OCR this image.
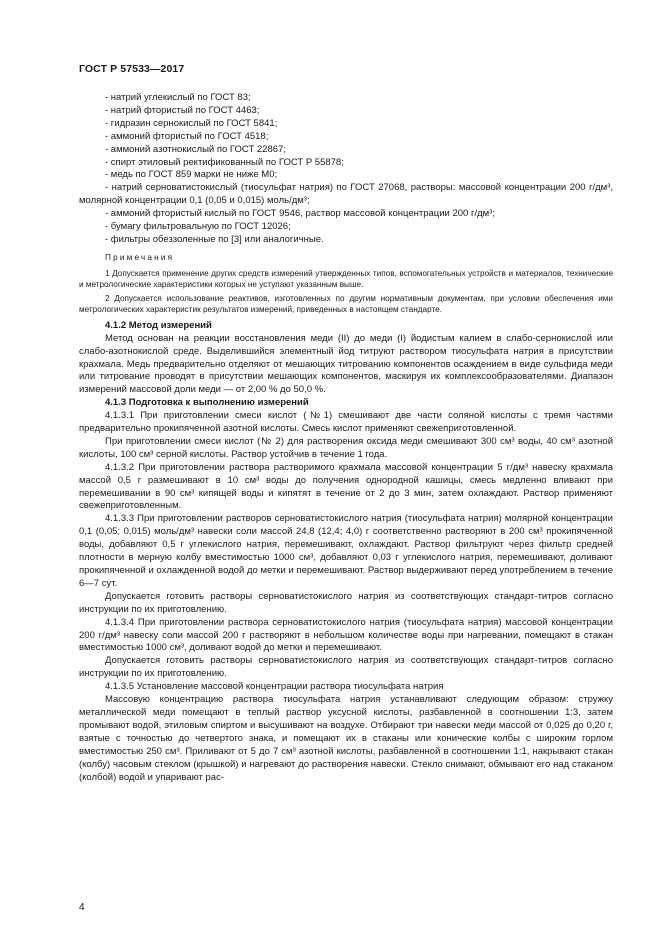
ГОСТ Р 57533—2017

- натрий углекислый по ГОСТ 83;

- натрий фтористый по ГОСТ 4463;

- гидразин сернокислый по ГОСТ 5841;

- аммоний фтористый по ГОСТ 4518;

- аммоний азотнокислый по ГОСТ 22867;

- спирт этиловый ректификованный по ГОСТ Р 55878;

- медь по ГОСТ 859 марки не ниже М0;

- натрий серноватистокислый (тиосульфат натрия) по ГОСТ 27068, растворы: массовой концентрации 200 г/дм³, молярной концентрации 0,1 (0,05 и 0,015) моль/дм³;

- аммоний фтористый кислый по ГОСТ 9546, раствор массовой концентрации 200 г/дм³;

- бумагу фильтровальную по ГОСТ 12026;

- фильтры обеззоленные по [3] или аналогичные.

Примечания

1 Допускается применение других средств измерений утвержденных типов, вспомогательных устройств и материалов, технические и метрологические характеристики которых не уступают указанным выше.

2 Допускается использование реактивов, изготовленных по другим нормативным документам, при условии обеспечения ими метрологических характеристик результатов измерений, приведенных в настоящем стандарте.

4.1.2 Метод измерений

Метод основан на реакции восстановления меди (II) до меди (I) йодистым калием в слабо-сернокислой или слабо-азотнокислой среде. Выделившийся элементный йод титруют раствором тиосульфата натрия в присутствии крахмала. Медь предварительно отделяют от мешающих титрованию компонентов осаждением в виде сульфида меди или титрование проводят в присутствии мешающих компонентов, маскируя их комплексообразователями. Диапазон измерений массовой доли меди — от 2,00 % до 50,0 %.

4.1.3 Подготовка к выполнению измерений

4.1.3.1 При приготовлении смеси кислот (№1) смешивают две части соляной кислоты с тремя частями предварительно прокипяченной азотной кислоты. Смесь кислот применяют свежеприготовленной.

При приготовлении смеси кислот (№ 2) для растворения оксида меди смешивают 300 см³ воды, 40 см³ азотной кислоты, 100 см³ серной кислоты. Раствор устойчив в течение 1 года.

4.1.3.2 При приготовлении раствора растворимого крахмала массовой концентрации 5 г/дм³ навеску крахмала массой 0,5 г размешивают в 10 см³ воды до получения однородной кашицы, смесь медленно вливают при перемешивании в 90 см³ кипящей воды и кипятят в течение от 2 до 3 мин, затем охлаждают. Раствор применяют свежеприготовленным.

4.1.3.3 При приготовлении растворов серноватистокислого натрия (тиосульфата натрия) молярной концентрации 0,1 (0,05; 0,015) моль/дм³ навески соли массой 24,8 (12,4; 4,0) г соответственно растворяют в 200 см³ прокипяченной воды, добавляют 0,5 г углекислого натрия, перемешивают, охлаждают. Раствор фильтруют через фильтр средней плотности в мерную колбу вместимостью 1000 см³, добавляют 0,03 г углекислого натрия, перемешивают, доливают прокипяченной и охлажденной водой до метки и перемешивают. Раствор выдерживают перед употреблением в течение 6—7 сут.

Допускается готовить растворы серноватистокислого натрия из соответствующих стандарт-титров согласно инструкции по их приготовлению.

4.1.3.4 При приготовлении раствора серноватистокислого натрия (тиосульфата натрия) массовой концентрации 200 г/дм³ навеску соли массой 200 г растворяют в небольшом количестве воды при нагревании, помещают в стакан вместимостью 1000 см³, доливают водой до метки и перемешивают.

Допускается готовить растворы серноватистокислого натрия из соответствующих стандарт-титров согласно инструкции по их приготовлению.

4.1.3.5 Установление массовой концентрации раствора тиосульфата натрия

Массовую концентрацию раствора тиосульфата натрия устанавливают следующим образом: стружку металлической меди помещают в теплый раствор уксусной кислоты, разбавленной в соотношении 1:3, затем промывают водой, этиловым спиртом и высушивают на воздухе. Отбирают три навески меди массой от 0,025 до 0,20 г, взятые с точностью до четвертого знака, и помещают их в стаканы или конические колбы с широким горлом вместимостью 250 см³. Приливают от 5 до 7 см³ азотной кислоты, разбавленной в соотношении 1:1, накрывают стакан (колбу) часовым стеклом (крышкой) и нагревают до растворения навески. Стекло снимают, обмывают его над стаканом (колбой) водой и упаривают рас-

4
